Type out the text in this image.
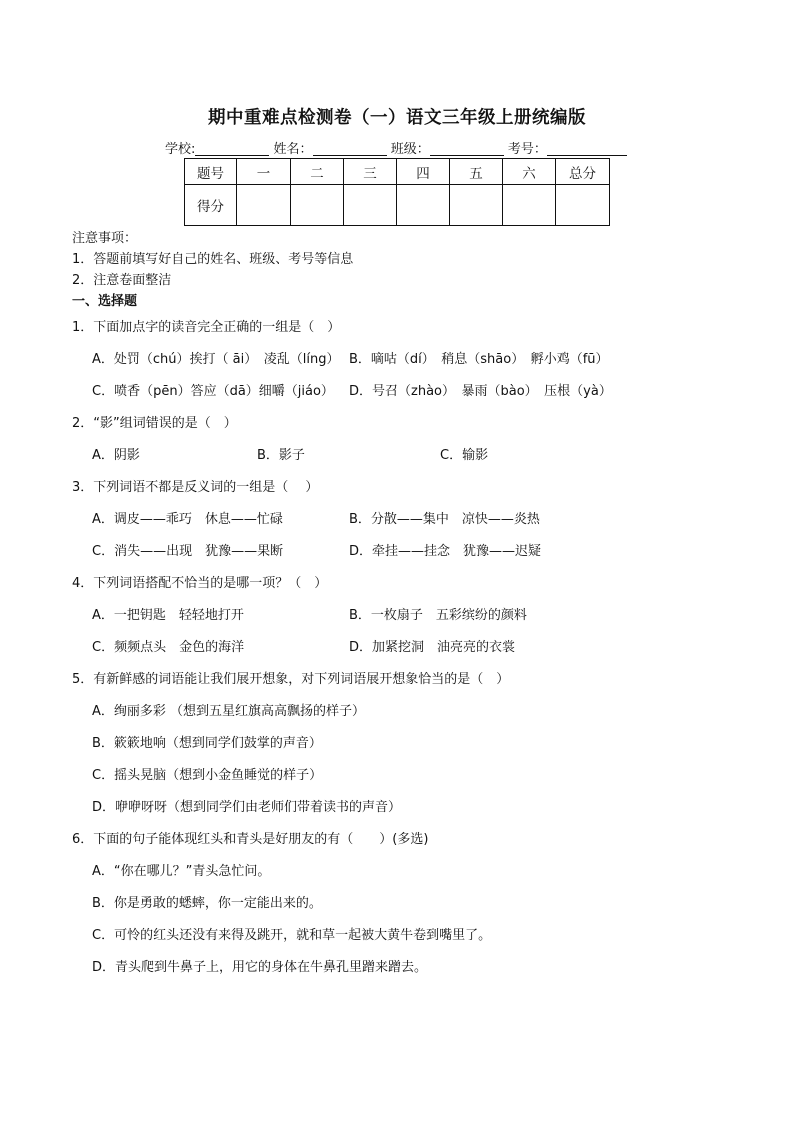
期中重难点检测卷（一）语文三年级上册统编版
学校:	姓名：	班级：	考号：
题号	一	二	三	四	五	六	总分
得分							
注意事项：
1．答题前填写好自己的姓名、班级、考号等信息
2．注意卷面整洁
一、选择题
1．下面加点字的读音完全正确的一组是（　）
A．处罚（chú）挨打（ āi）　凌乱（líng） B．嘀咕（dí）　稍息（shāo）　孵小鸡（fū）
C．喷香（pēn）答应（dā）细嚼（jiáo） D．号召（zhào）　暴雨（bào）　压根（yà）
2．“影”组词错误的是（　）
A．阴影	B．影子	C．输影
3．下列词语不都是反义词的一组是（　 ）
A．调皮——乖巧　休息——忙碌	B．分散——集中　凉快——炎热
C．消失——出现　犹豫——果断	D．牵挂——挂念　犹豫——迟疑
4．下列词语搭配不恰当的是哪一项？（　）
A．一把钥匙　轻轻地打开	B．一枚扇子　五彩缤纷的颜料
C．频频点头　金色的海洋	D．加紧挖洞　油亮亮的衣裳
5．有新鲜感的词语能让我们展开想象，对下列词语展开想象恰当的是（　）
A．绚丽多彩 （想到五星红旗高高飘扬的样子）
B．簌簌地响（想到同学们鼓掌的声音）
C．摇头晃脑（想到小金鱼睡觉的样子）
D．咿咿呀呀（想到同学们由老师们带着读书的声音）
6．下面的句子能体现红头和青头是好朋友的有（　　）(多选)
A．“你在哪儿？”青头急忙问。
B．你是勇敢的蟋蟀，你一定能出来的。
C．可怜的红头还没有来得及跳开，就和草一起被大黄牛卷到嘴里了。
D．青头爬到牛鼻子上，用它的身体在牛鼻孔里蹭来蹭去。
